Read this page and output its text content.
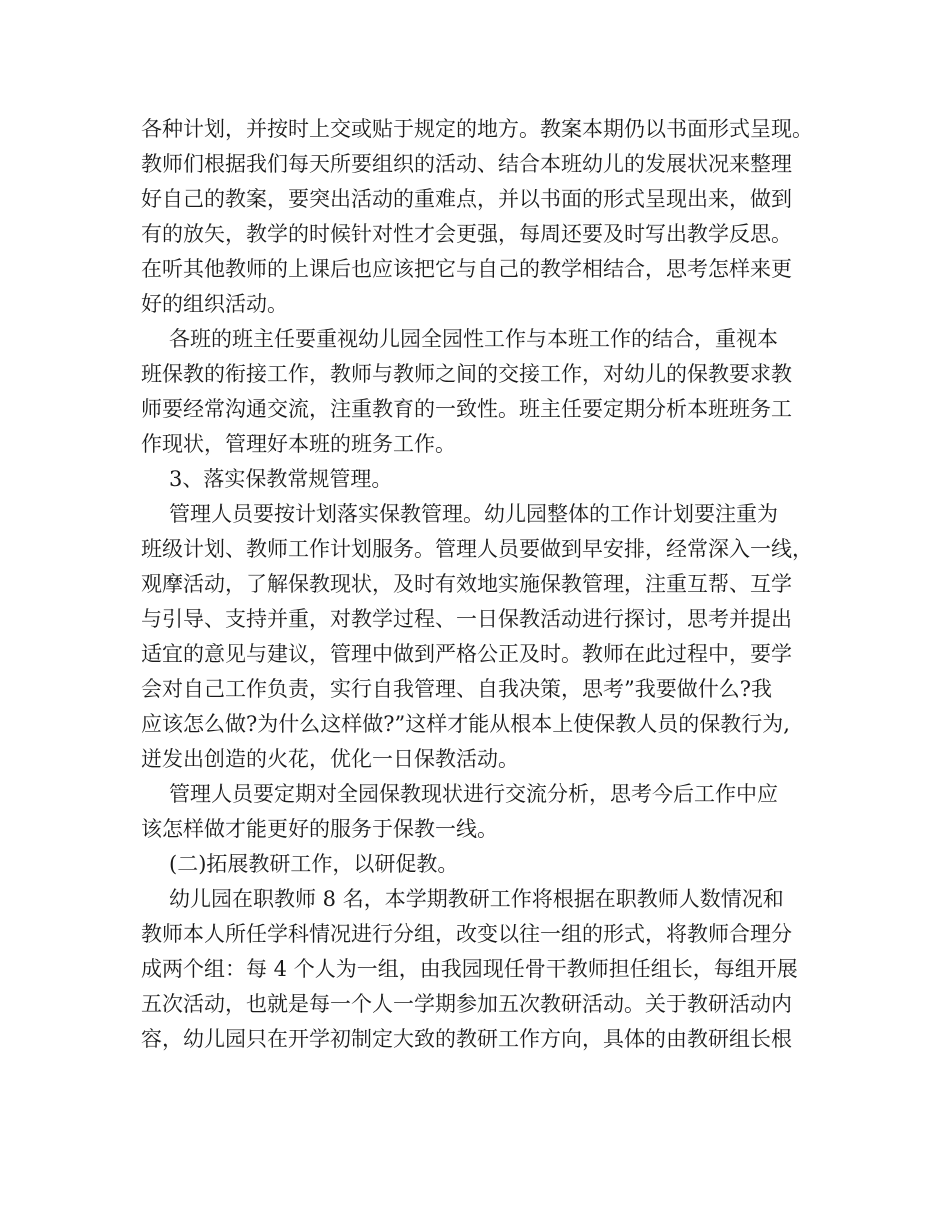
各种计划，并按时上交或贴于规定的地方。教案本期仍以书面形式呈现。
教师们根据我们每天所要组织的活动、结合本班幼儿的发展状况来整理
好自己的教案，要突出活动的重难点，并以书面的形式呈现出来，做到
有的放矢，教学的时候针对性才会更强，每周还要及时写出教学反思。
在听其他教师的上课后也应该把它与自己的教学相结合，思考怎样来更
好的组织活动。
各班的班主任要重视幼儿园全园性工作与本班工作的结合，重视本
班保教的衔接工作，教师与教师之间的交接工作，对幼儿的保教要求教
师要经常沟通交流，注重教育的一致性。班主任要定期分析本班班务工
作现状，管理好本班的班务工作。
3、落实保教常规管理。
管理人员要按计划落实保教管理。幼儿园整体的工作计划要注重为
班级计划、教师工作计划服务。管理人员要做到早安排，经常深入一线，
观摩活动，了解保教现状，及时有效地实施保教管理，注重互帮、互学
与引导、支持并重，对教学过程、一日保教活动进行探讨，思考并提出
适宜的意见与建议，管理中做到严格公正及时。教师在此过程中，要学
会对自己工作负责，实行自我管理、自我决策，思考”我要做什么?我
应该怎么做?为什么这样做?”这样才能从根本上使保教人员的保教行为,
迸发出创造的火花，优化一日保教活动。
管理人员要定期对全园保教现状进行交流分析，思考今后工作中应
该怎样做才能更好的服务于保教一线。
(二)拓展教研工作，以研促教。
幼儿园在职教师 8 名，本学期教研工作将根据在职教师人数情况和
教师本人所任学科情况进行分组，改变以往一组的形式，将教师合理分
成两个组：每 4 个人为一组，由我园现任骨干教师担任组长，每组开展
五次活动，也就是每一个人一学期参加五次教研活动。关于教研活动内
容，幼儿园只在开学初制定大致的教研工作方向，具体的由教研组长根
